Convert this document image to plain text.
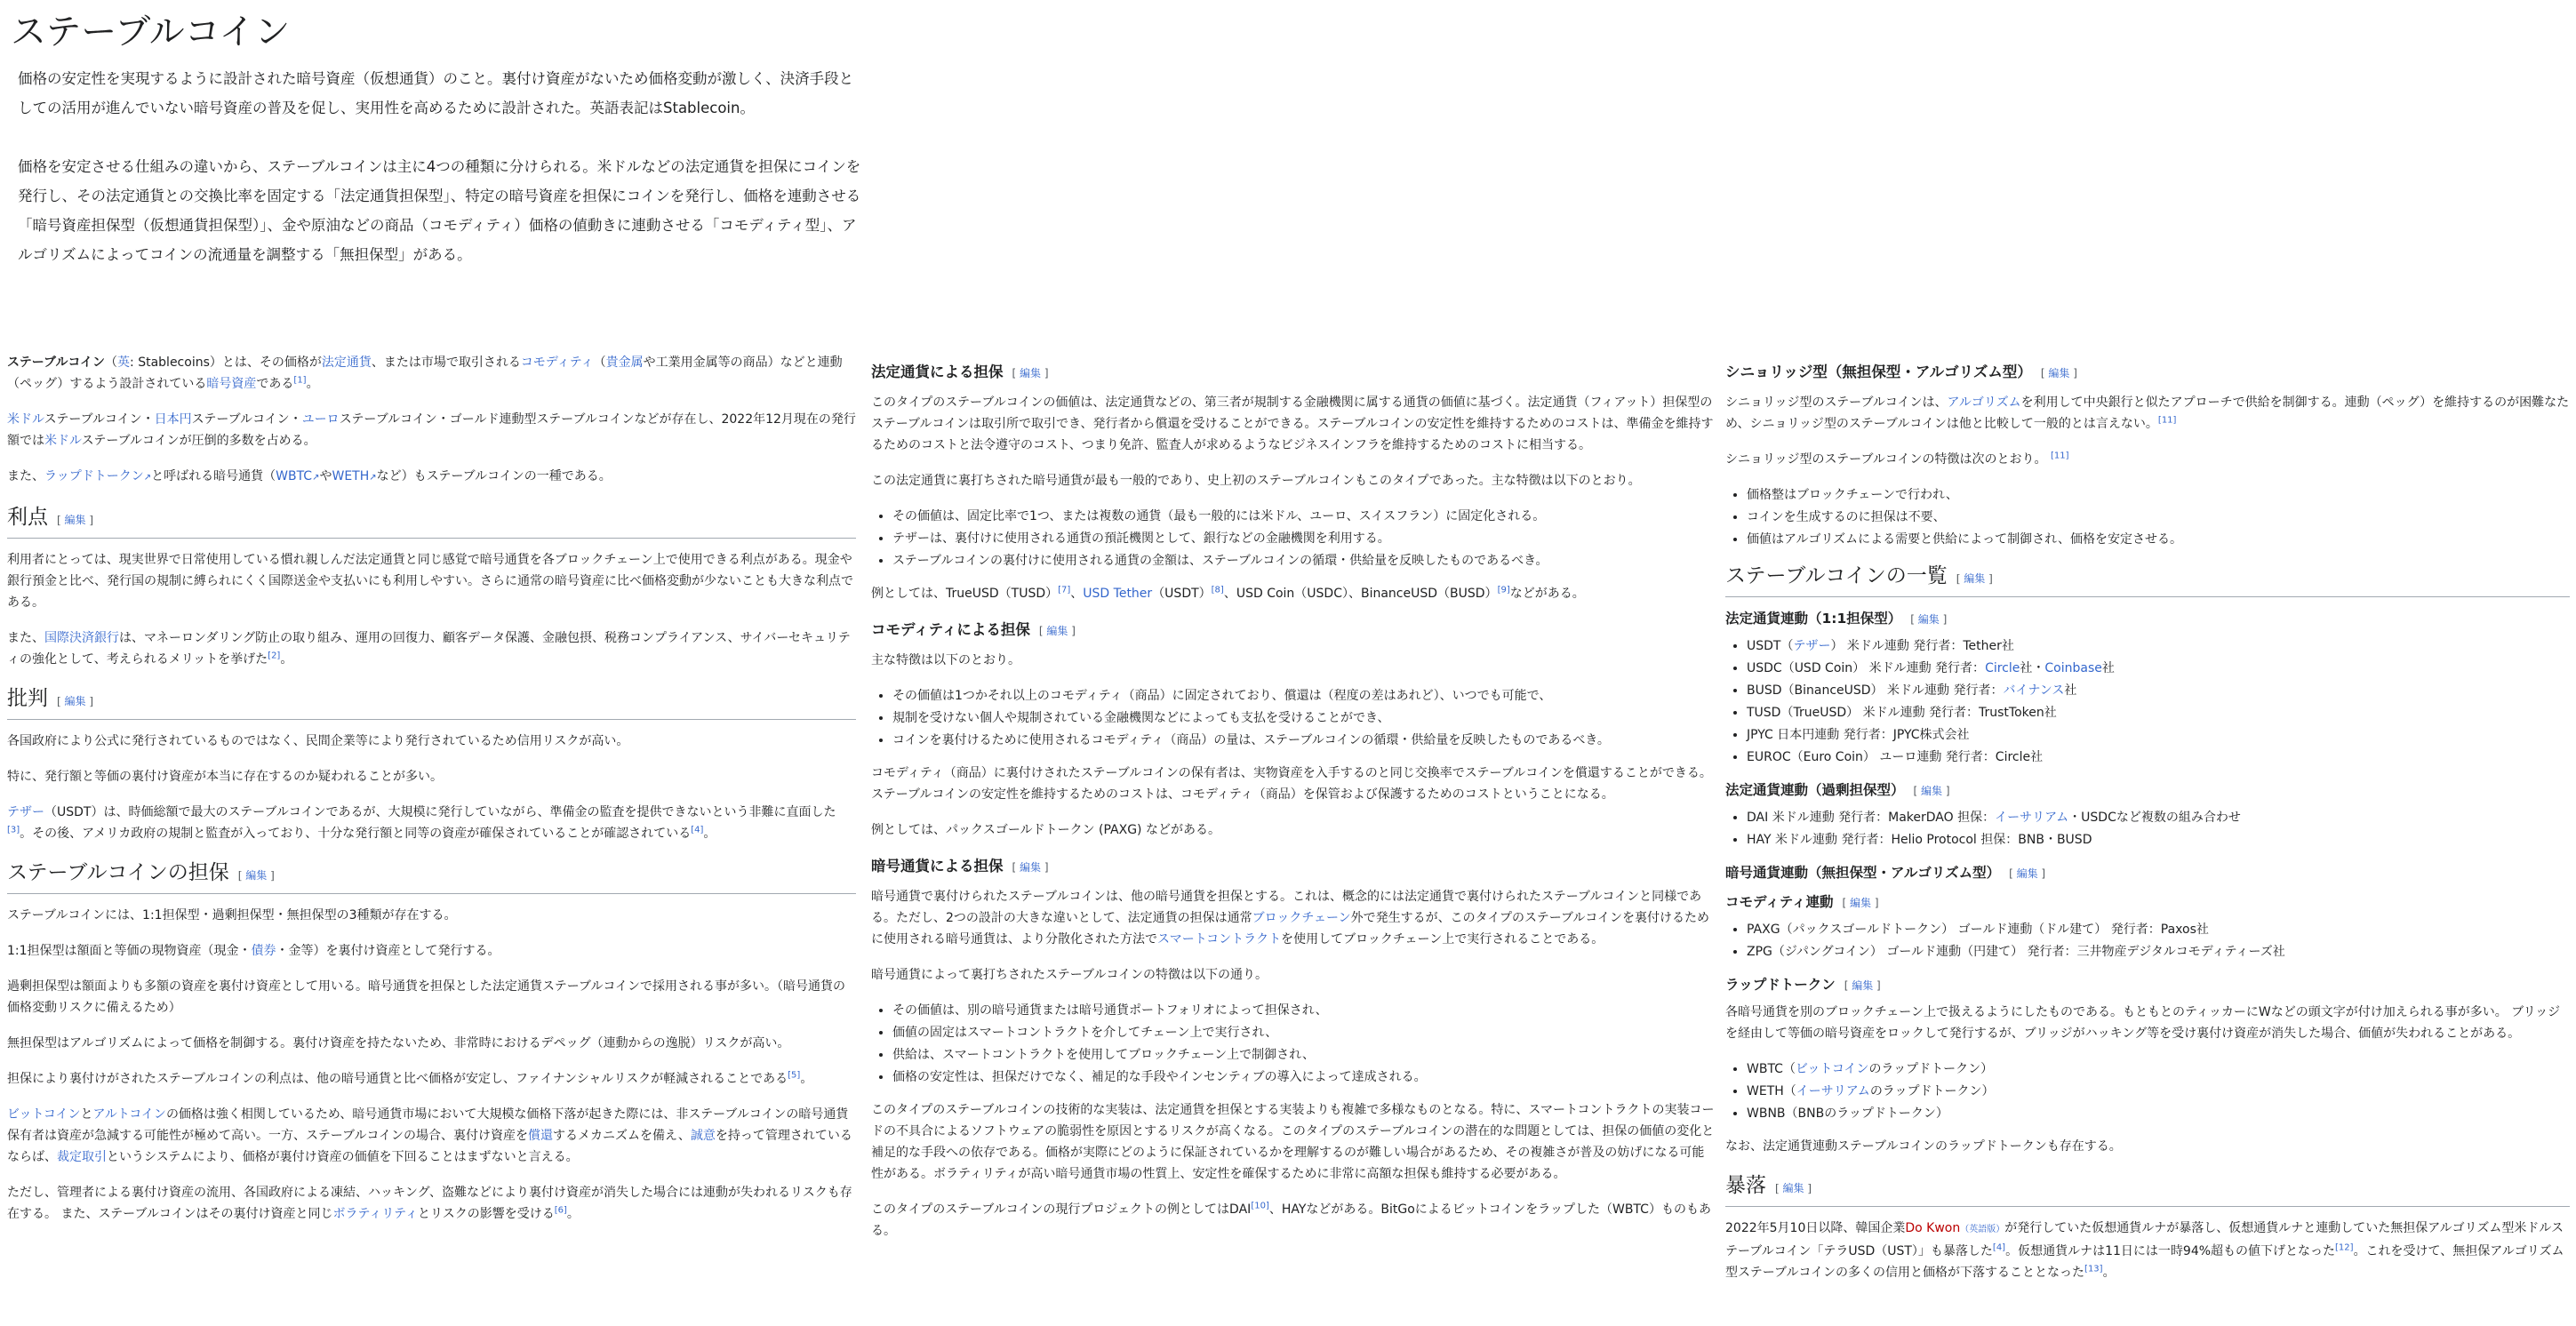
ステーブルコイン

価格の安定性を実現するように設計された暗号資産（仮想通貨）のこと。裏付け資産がないため価格変動が激しく、決済手段としての活用が進んでいない暗号資産の普及を促し、実用性を高めるために設計された。英語表記はStablecoin。

価格を安定させる仕組みの違いから、ステーブルコインは主に4つの種類に分けられる。米ドルなどの法定通貨を担保にコインを発行し、その法定通貨との交換比率を固定する「法定通貨担保型」、特定の暗号資産を担保にコインを発行し、価格を連動させる「暗号資産担保型（仮想通貨担保型）」、金や原油などの商品（コモディティ）価格の値動きに連動させる「コモディティ型」、アルゴリズムによってコインの流通量を調整する「無担保型」がある。

ステーブルコイン（英: Stablecoins）とは、その価格が法定通貨、または市場で取引されるコモディティ（貴金属や工業用金属等の商品）などと連動（ペッグ）するよう設計されている暗号資産である[1]。

米ドルステーブルコイン・日本円ステーブルコイン・ユーロステーブルコイン・ゴールド連動型ステーブルコインなどが存在し、2022年12月現在の発行額では米ドルステーブルコインが圧倒的多数を占める。

また、ラップドトークン ↗ と呼ばれる暗号通貨（WBTC ↗ やWETH ↗ など）もステーブルコインの一種である。

利点 [ 編集 ]

利用者にとっては、現実世界で日常使用している慣れ親しんだ法定通貨と同じ感覚で暗号通貨を各ブロックチェーン上で使用できる利点がある。現金や銀行預金と比べ、発行国の規制に縛られにくく国際送金や支払いにも利用しやすい。さらに通常の暗号資産に比べ価格変動が少ないことも大きな利点である。

また、国際決済銀行は、マネーロンダリング防止の取り組み、運用の回復力、顧客データ保護、金融包摂、税務コンプライアンス、サイバーセキュリティの強化として、考えられるメリットを挙げた[2]。

批判 [ 編集 ]

各国政府により公式に発行されているものではなく、民間企業等により発行されているため信用リスクが高い。

特に、発行額と等価の裏付け資産が本当に存在するのか疑われることが多い。

テザー（USDT）は、時価総額で最大のステーブルコインであるが、大規模に発行していながら、準備金の監査を提供できないという非難に直面した[3]。その後、アメリカ政府の規制と監査が入っており、十分な発行額と同等の資産が確保されていることが確認されている[4]。

ステーブルコインの担保 [ 編集 ]

ステーブルコインには、1:1担保型・過剰担保型・無担保型の3種類が存在する。

1:1担保型は額面と等価の現物資産（現金・債券・金等）を裏付け資産として発行する。

過剰担保型は額面よりも多額の資産を裏付け資産として用いる。暗号通貨を担保とした法定通貨ステーブルコインで採用される事が多い。（暗号通貨の価格変動リスクに備えるため）

無担保型はアルゴリズムによって価格を制御する。裏付け資産を持たないため、非常時におけるデペッグ（連動からの逸脱）リスクが高い。

担保により裏付けがされたステーブルコインの利点は、他の暗号通貨と比べ価格が安定し、ファイナンシャルリスクが軽減されることである[5]。

ビットコインとアルトコインの価格は強く相関しているため、暗号通貨市場において大規模な価格下落が起きた際には、非ステーブルコインの暗号通貨保有者は資産が急減する可能性が極めて高い。一方、ステーブルコインの場合、裏付け資産を償還するメカニズムを備え、誠意を持って管理されているならば、裁定取引というシステムにより、価格が裏付け資産の価値を下回ることはまずないと言える。

ただし、管理者による裏付け資産の流用、各国政府による凍結、ハッキング、盗難などにより裏付け資産が消失した場合には連動が失われるリスクも存在する。 また、ステーブルコインはその裏付け資産と同じボラティリティとリスクの影響を受ける[6]。

法定通貨による担保 [ 編集 ]

このタイプのステーブルコインの価値は、法定通貨などの、第三者が規制する金融機関に属する通貨の価値に基づく。法定通貨（フィアット）担保型のステーブルコインは取引所で取引でき、発行者から償還を受けることができる。ステーブルコインの安定性を維持するためのコストは、準備金を維持するためのコストと法令遵守のコスト、つまり免許、監査人が求めるようなビジネスインフラを維持するためのコストに相当する。

この法定通貨に裏打ちされた暗号通貨が最も一般的であり、史上初のステーブルコインもこのタイプであった。主な特徴は以下のとおり。

• その価値は、固定比率で1つ、または複数の通貨（最も一般的には米ドル、ユーロ、スイスフラン）に固定化される。
• テザーは、裏付けに使用される通貨の預託機関として、銀行などの金融機関を利用する。
• ステーブルコインの裏付けに使用される通貨の金額は、ステーブルコインの循環・供給量を反映したものであるべき。

例としては、TrueUSD（TUSD）[7]、USD Tether（USDT）[8]、USD Coin（USDC）、BinanceUSD（BUSD）[9]などがある。

コモディティによる担保 [ 編集 ]

主な特徴は以下のとおり。

• その価値は1つかそれ以上のコモディティ（商品）に固定されており、償還は（程度の差はあれど）、いつでも可能で、
• 規制を受けない個人や規制されている金融機関などによっても支払を受けることができ、
• コインを裏付けるために使用されるコモディティ（商品）の量は、ステーブルコインの循環・供給量を反映したものであるべき。

コモディティ（商品）に裏付けされたステーブルコインの保有者は、実物資産を入手するのと同じ交換率でステーブルコインを償還することができる。ステーブルコインの安定性を維持するためのコストは、コモディティ（商品）を保管および保護するためのコストということになる。

例としては、パックスゴールドトークン (PAXG) などがある。

暗号通貨による担保 [ 編集 ]

暗号通貨で裏付けられたステーブルコインは、他の暗号通貨を担保とする。これは、概念的には法定通貨で裏付けられたステーブルコインと同様である。ただし、2つの設計の大きな違いとして、法定通貨の担保は通常ブロックチェーン外で発生するが、このタイプのステーブルコインを裏付けるために使用される暗号通貨は、より分散化された方法でスマートコントラクトを使用してブロックチェーン上で実行されることである。

暗号通貨によって裏打ちされたステーブルコインの特徴は以下の通り。

• その価値は、別の暗号通貨または暗号通貨ポートフォリオによって担保され、
• 価値の固定はスマートコントラクトを介してチェーン上で実行され、
• 供給は、スマートコントラクトを使用してブロックチェーン上で制御され、
• 価格の安定性は、担保だけでなく、補足的な手段やインセンティブの導入によって達成される。

このタイプのステーブルコインの技術的な実装は、法定通貨を担保とする実装よりも複雑で多様なものとなる。特に、スマートコントラクトの実装コードの不具合によるソフトウェアの脆弱性を原因とするリスクが高くなる。このタイプのステーブルコインの潜在的な問題としては、担保の価値の変化と補足的な手段への依存である。価格が実際にどのように保証されているかを理解するのが難しい場合があるため、その複雑さが普及の妨げになる可能性がある。ボラティリティが高い暗号通貨市場の性質上、安定性を確保するために非常に高額な担保も維持する必要がある。

このタイプのステーブルコインの現行プロジェクトの例としてはDAI[10]、HAYなどがある。BitGoによるビットコインをラップした（WBTC）ものもある。

シニョリッジ型（無担保型・アルゴリズム型） [ 編集 ]

シニョリッジ型のステーブルコインは、アルゴリズムを利用して中央銀行と似たアプローチで供給を制御する。連動（ペッグ）を維持するのが困難なため、シニョリッジ型のステーブルコインは他と比較して一般的とは言えない。[11]

シニョリッジ型のステーブルコインの特徴は次のとおり。 [11]

• 価格整はブロックチェーンで行われ、
• コインを生成するのに担保は不要、
• 価値はアルゴリズムによる需要と供給によって制御され、価格を安定させる。
ステーブルコインの一覧 [ 編集 ]
法定通貨連動（1:1担保型） [ 編集 ]
• USDT（テザー） 米ドル連動 発行者：Tether社
• USDC（USD Coin） 米ドル連動 発行者：Circle社・Coinbase社
• BUSD（BinanceUSD） 米ドル連動 発行者：バイナンス社
• TUSD（TrueUSD） 米ドル連動 発行者：TrustToken社
• JPYC 日本円連動 発行者：JPYC株式会社
• EUROC（Euro Coin） ユーロ連動 発行者：Circle社
法定通貨連動（過剰担保型） [ 編集 ]
• DAI 米ドル連動 発行者：MakerDAO 担保：イーサリアム・USDCなど複数の組み合わせ
• HAY 米ドル連動 発行者：Helio Protocol 担保：BNB・BUSD
暗号通貨連動（無担保型・アルゴリズム型） [ 編集 ]
コモディティ連動 [ 編集 ]
• PAXG（パックスゴールドトークン） ゴールド連動（ドル建て） 発行者：Paxos社
• ZPG（ジパングコイン） ゴールド連動（円建て） 発行者：三井物産デジタルコモディティーズ社
ラップドトークン [ 編集 ]

各暗号通貨を別のブロックチェーン上で扱えるようにしたものである。もともとのティッカーにWなどの頭文字が付け加えられる事が多い。 ブリッジを経由して等価の暗号資産をロックして発行するが、ブリッジがハッキング等を受け裏付け資産が消失した場合、価値が失われることがある。

• WBTC（ビットコインのラップドトークン）
• WETH（イーサリアムのラップドトークン）
• WBNB（BNBのラップドトークン）

なお、法定通貨連動ステーブルコインのラップドトークンも存在する。

暴落 [ 編集 ]

2022年5月10日以降、韓国企業Do Kwon（英語版）が発行していた仮想通貨ルナが暴落し、仮想通貨ルナと連動していた無担保アルゴリズム型米ドルステーブルコイン「テラUSD（UST）」も暴落した[4]。仮想通貨ルナは11日には一時94%超もの値下げとなった[12]。これを受けて、無担保アルゴリズム型ステーブルコインの多くの信用と価格が下落することとなった[13]。
